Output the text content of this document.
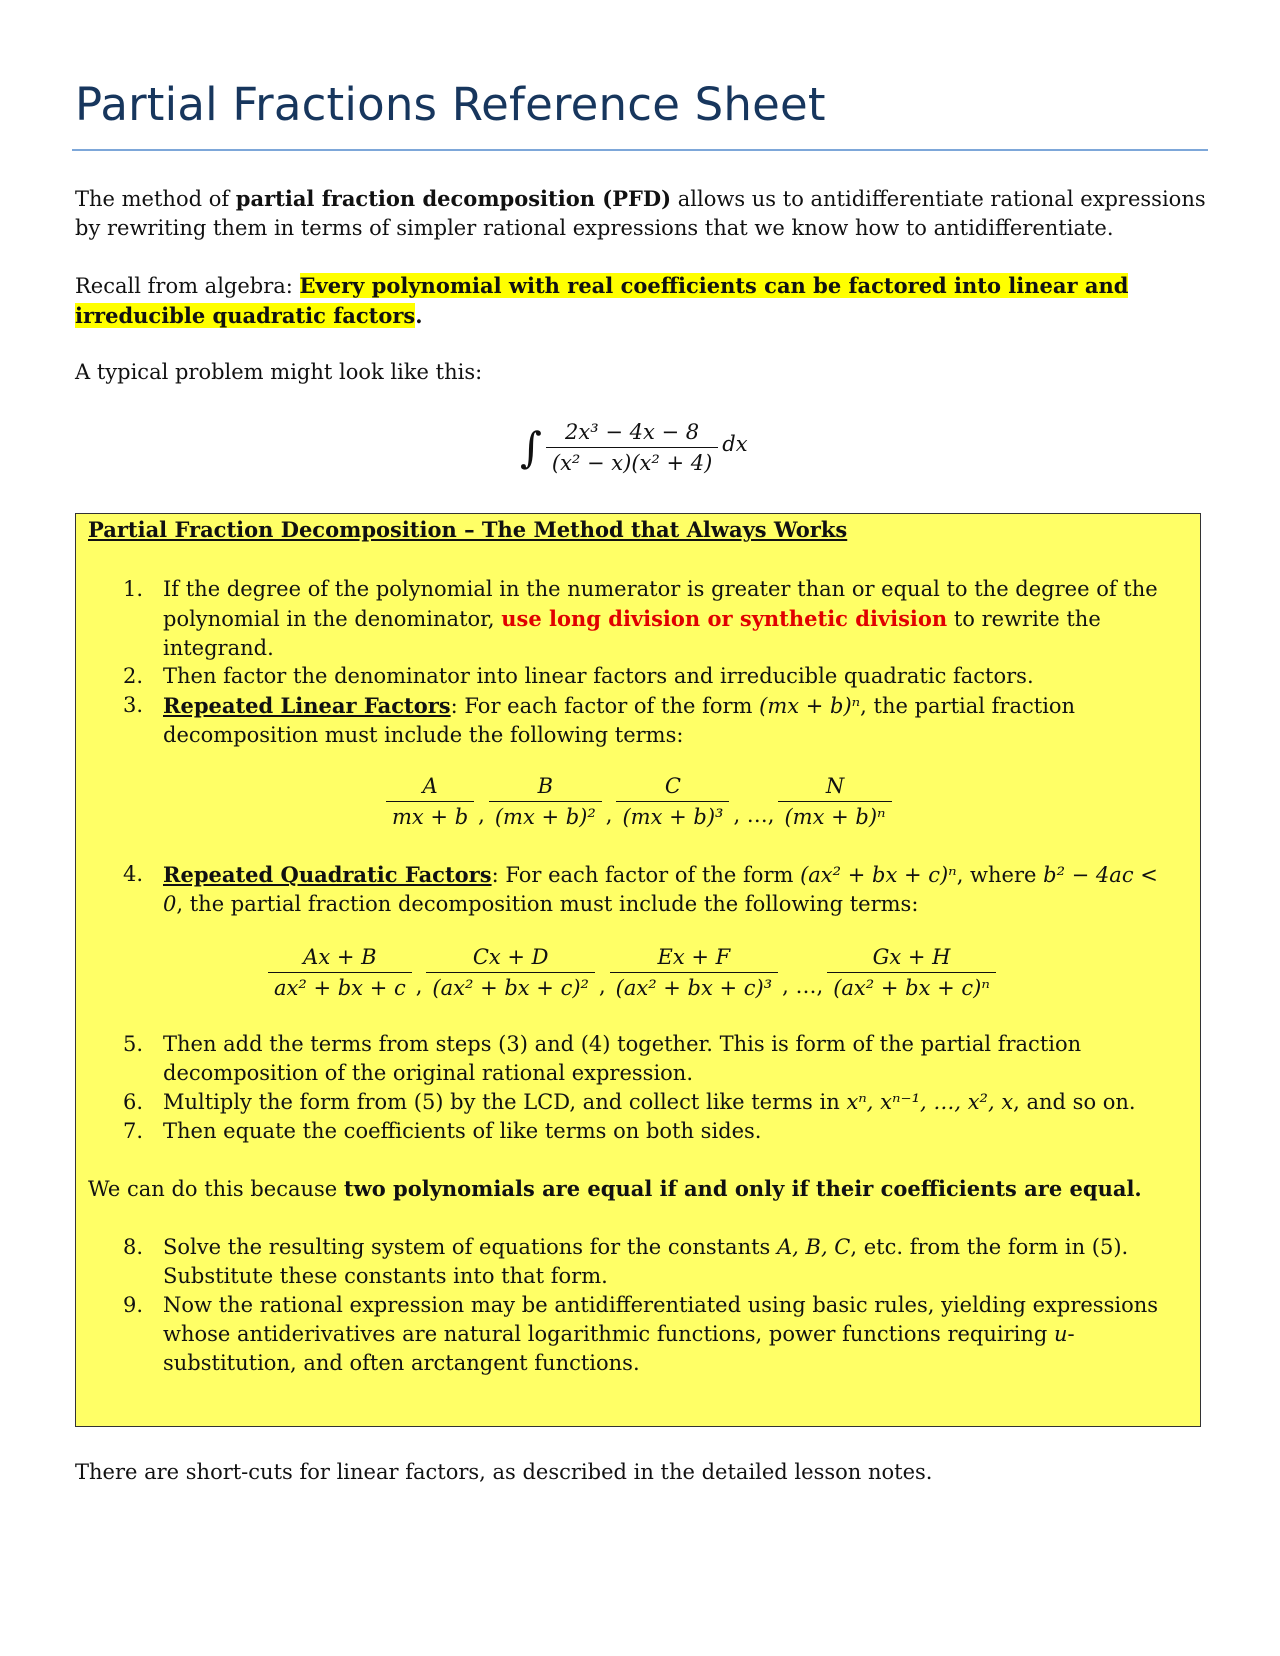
Partial Fractions Reference Sheet
The method of partial fraction decomposition (PFD) allows us to antidifferentiate rational expressions by rewriting them in terms of simpler rational expressions that we know how to antidifferentiate.
Recall from algebra: Every polynomial with real coefficients can be factored into linear and irreducible quadratic factors.
A typical problem might look like this:
∫ $\frac{\text{2x³ − 4x − 8}}{\text{(x² − x)(x² + 4)}}$ dx
Partial Fraction Decomposition – The Method that Always Works
1. If the degree of the polynomial in the numerator is greater than or equal to the degree of the polynomial in the denominator, use long division or synthetic division to rewrite the integrand.
2. Then factor the denominator into linear factors and irreducible quadratic factors.
3. Repeated Linear Factors: For each factor of the form (mx + b)ⁿ, the partial fraction decomposition must include the following terms:
$\frac{A}{mx + b}$ , $\frac{B}{\text{(mx + b)²}}$ , $\frac{C}{\text{(mx + b)³}}$ , …, $\frac{N}{\text{(mx + b)ⁿ}}$
4. Repeated Quadratic Factors: For each factor of the form (ax² + bx + c)ⁿ, where b² − 4ac < 0, the partial fraction decomposition must include the following terms:
$\frac{Ax + B}{\text{ax² + bx + c}}$ , $\frac{Cx + D}{\text{(ax² + bx + c)²}}$ , $\frac{Ex + F}{\text{(ax² + bx + c)³}}$ , …, $\frac{Gx + H}{\text{(ax² + bx + c)ⁿ}}$
5. Then add the terms from steps (3) and (4) together. This is form of the partial fraction decomposition of the original rational expression.
6. Multiply the form from (5) by the LCD, and collect like terms in xⁿ, xⁿ⁻¹, …, x², x, and so on.
7. Then equate the coefficients of like terms on both sides.
We can do this because two polynomials are equal if and only if their coefficients are equal.
8. Solve the resulting system of equations for the constants A, B, C, etc. from the form in (5). Substitute these constants into that form.
9. Now the rational expression may be antidifferentiated using basic rules, yielding expressions whose antiderivatives are natural logarithmic functions, power functions requiring u-substitution, and often arctangent functions.
There are short-cuts for linear factors, as described in the detailed lesson notes.
